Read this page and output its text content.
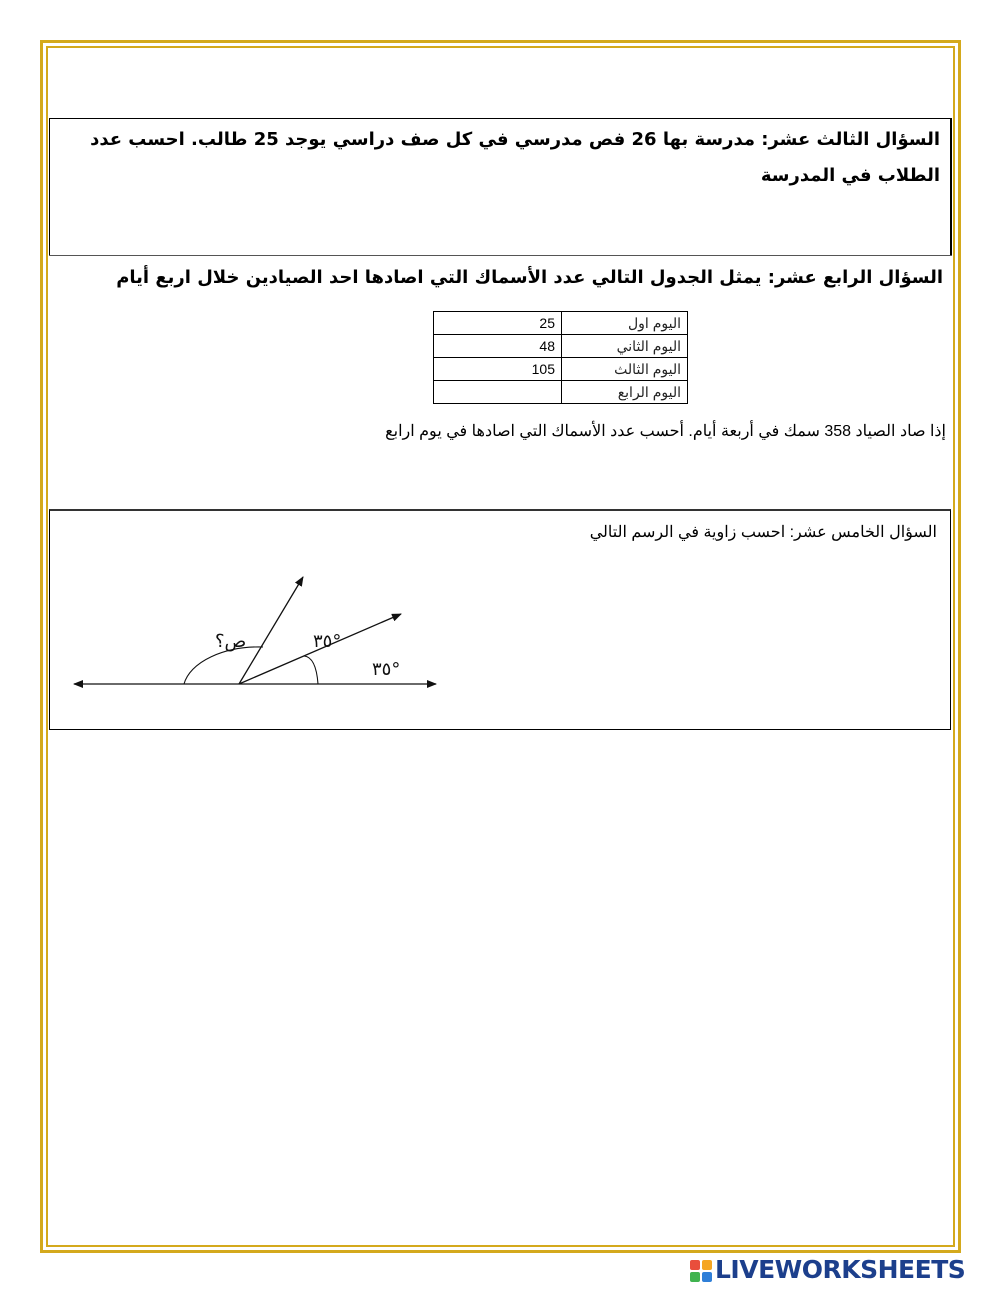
السؤال الثالث عشر: مدرسة بها 26 فص مدرسي في كل صف دراسي يوجد 25 طالب. احسب عدد الطلاب في المدرسة
السؤال الرابع عشر: يمثل الجدول التالي عدد الأسماك التي اصادها احد الصيادين خلال اربع أيام
اليوم اول	25
اليوم الثاني	48
اليوم الثالث	105
اليوم الرابع	
إذا صاد الصياد 358 سمك في أربعة أيام. أحسب عدد الأسماك التي اصادها في يوم ارابع
السؤال الخامس عشر: احسب زاوية في الرسم التالي
ص؟	°٣٥
°٣٥
LIVEWORKSHEETS
